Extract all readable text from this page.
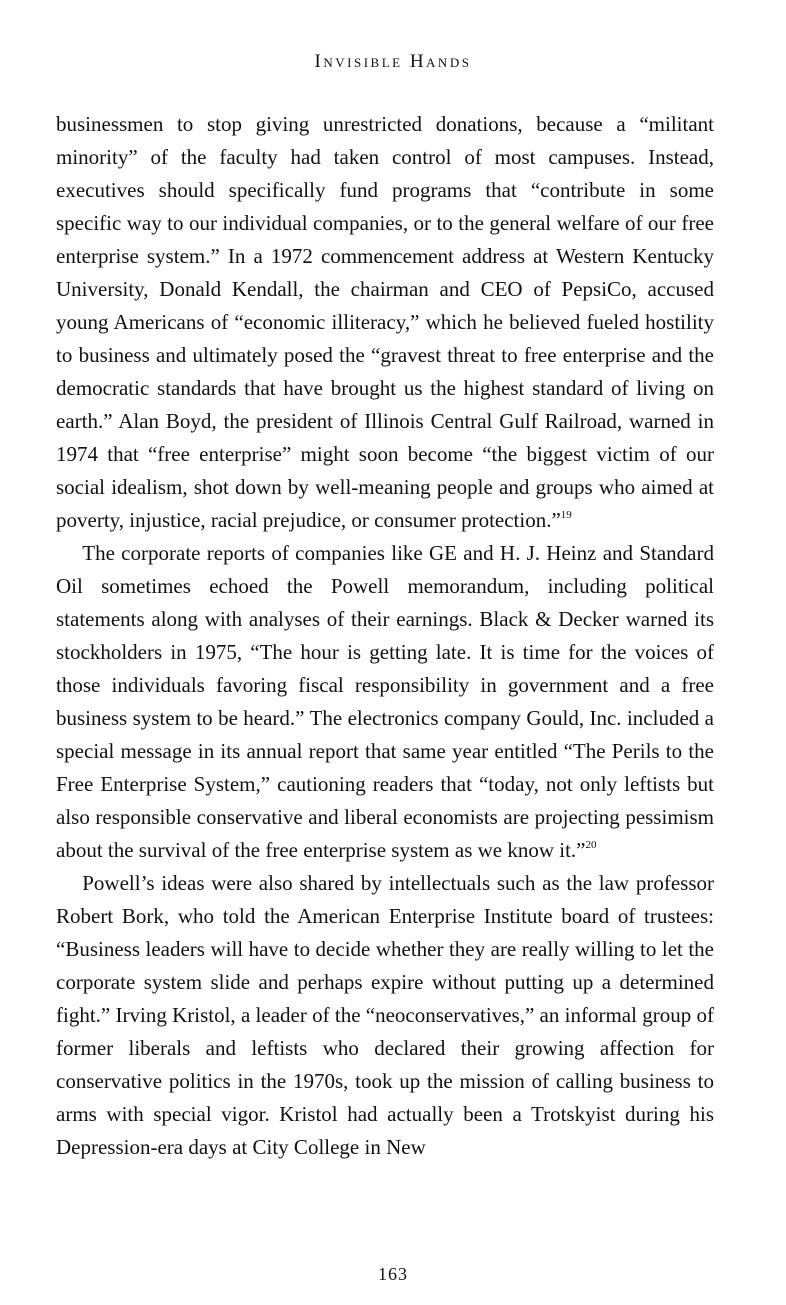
Invisible Hands

businessmen to stop giving unrestricted donations, because a “militant minority” of the faculty had taken control of most campuses. Instead, executives should specifically fund programs that “contribute in some specific way to our individual companies, or to the general welfare of our free enterprise system.” In a 1972 commencement address at Western Kentucky University, Donald Kendall, the chairman and CEO of PepsiCo, accused young Americans of “economic illiteracy,” which he believed fueled hostility to business and ultimately posed the “gravest threat to free enterprise and the democratic standards that have brought us the highest standard of living on earth.” Alan Boyd, the president of Illinois Central Gulf Railroad, warned in 1974 that “free enterprise” might soon become “the biggest victim of our social idealism, shot down by well-meaning people and groups who aimed at poverty, injustice, racial prejudice, or consumer protection.”$^{19}$

The corporate reports of companies like GE and H. J. Heinz and Standard Oil sometimes echoed the Powell memorandum, including political statements along with analyses of their earnings. Black & Decker warned its stockholders in 1975, “The hour is getting late. It is time for the voices of those individuals favoring fiscal responsibility in government and a free business system to be heard.” The electronics company Gould, Inc. included a special message in its annual report that same year entitled “The Perils to the Free Enterprise System,” cautioning readers that “today, not only leftists but also responsible conservative and liberal economists are projecting pessimism about the survival of the free enterprise system as we know it.”$^{20}$

Powell’s ideas were also shared by intellectuals such as the law professor Robert Bork, who told the American Enterprise Institute board of trustees: “Business leaders will have to decide whether they are really willing to let the corporate system slide and perhaps expire without putting up a determined fight.” Irving Kristol, a leader of the “neoconservatives,” an informal group of former liberals and leftists who declared their growing affection for conservative politics in the 1970s, took up the mission of calling business to arms with special vigor. Kristol had actually been a Trotskyist during his Depression-era days at City College in New

163
